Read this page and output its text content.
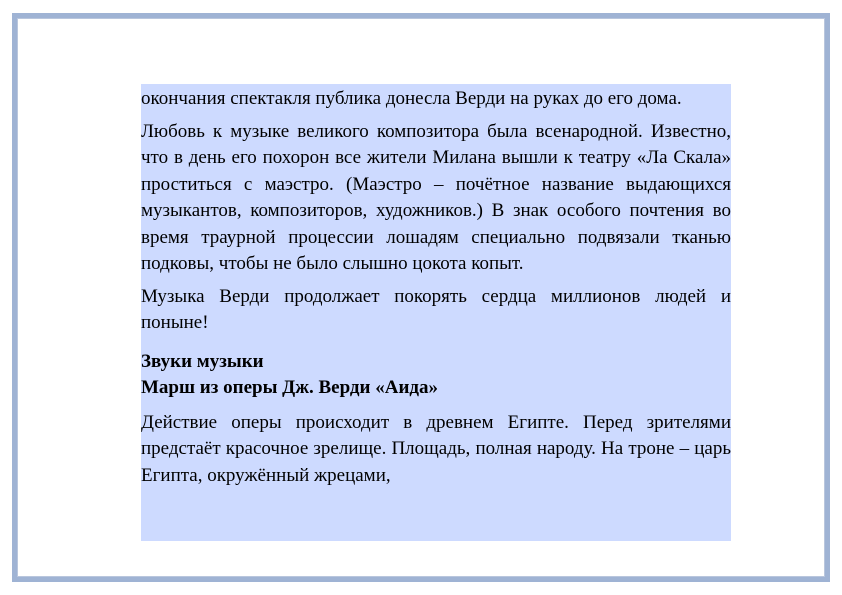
окончания спектакля публика донесла Верди на руках до его дома.

Любовь к музыке великого композитора была всенародной. Известно, что в день его похорон все жители Милана вышли к театру «Ла Скала» проститься с маэстро. (Маэстро – почётное название выдающихся музыкантов, композиторов, художников.) В знак особого почтения во время траурной процессии лошадям специально подвязали тканью подковы, чтобы не было слышно цокота копыт.

Музыка Верди продолжает покорять сердца миллионов людей и поныне!

Звуки музыки

Марш из оперы Дж. Верди «Аида»

Действие оперы происходит в древнем Египте. Перед зрителями предстаёт красочное зрелище. Площадь, полная народу. На троне – царь Египта, окружённый жрецами,
